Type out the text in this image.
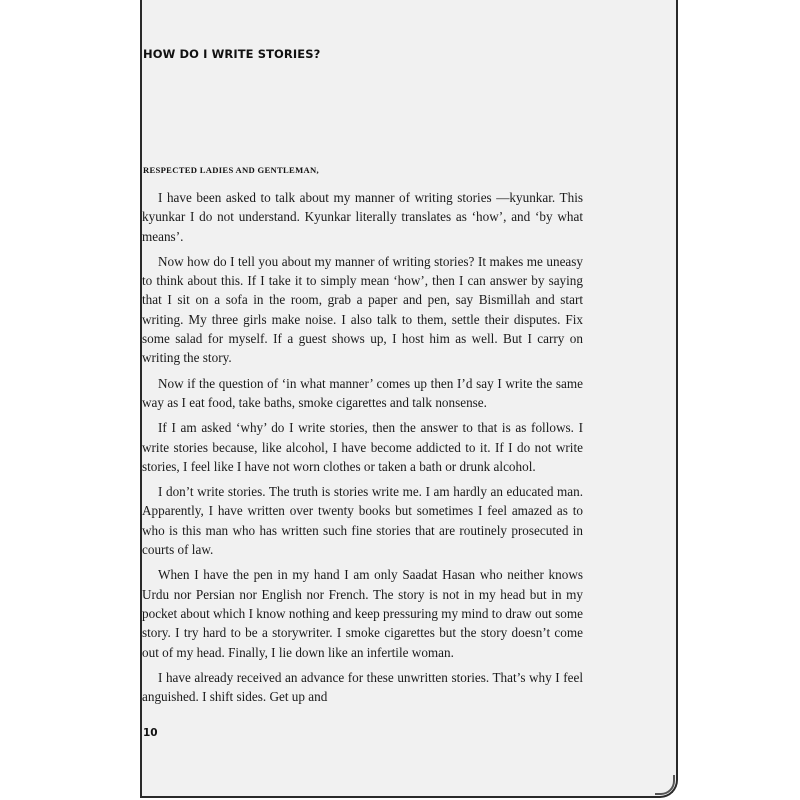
HOW DO I WRITE STORIES?
RESPECTED LADIES AND GENTLEMAN,

I have been asked to talk about my manner of writing stories —kyunkar. This kyunkar I do not understand. Kyunkar literally translates as ‘how’, and ‘by what means’.

Now how do I tell you about my manner of writing stories? It makes me uneasy to think about this. If I take it to simply mean ‘how’, then I can answer by saying that I sit on a sofa in the room, grab a paper and pen, say Bismillah and start writing. My three girls make noise. I also talk to them, settle their disputes. Fix some salad for myself. If a guest shows up, I host him as well. But I carry on writing the story.

Now if the question of ‘in what manner’ comes up then I’d say I write the same way as I eat food, take baths, smoke cigarettes and talk nonsense.

If I am asked ‘why’ do I write stories, then the answer to that is as follows. I write stories because, like alcohol, I have become addicted to it. If I do not write stories, I feel like I have not worn clothes or taken a bath or drunk alcohol.

I don’t write stories. The truth is stories write me. I am hardly an educated man. Apparently, I have written over twenty books but sometimes I feel amazed as to who is this man who has written such fine stories that are routinely prosecuted in courts of law.

When I have the pen in my hand I am only Saadat Hasan who neither knows Urdu nor Persian nor English nor French. The story is not in my head but in my pocket about which I know nothing and keep pressuring my mind to draw out some story. I try hard to be a storywriter. I smoke cigarettes but the story doesn’t come out of my head. Finally, I lie down like an infertile woman.

I have already received an advance for these unwritten stories. That’s why I feel anguished. I shift sides. Get up and

10
